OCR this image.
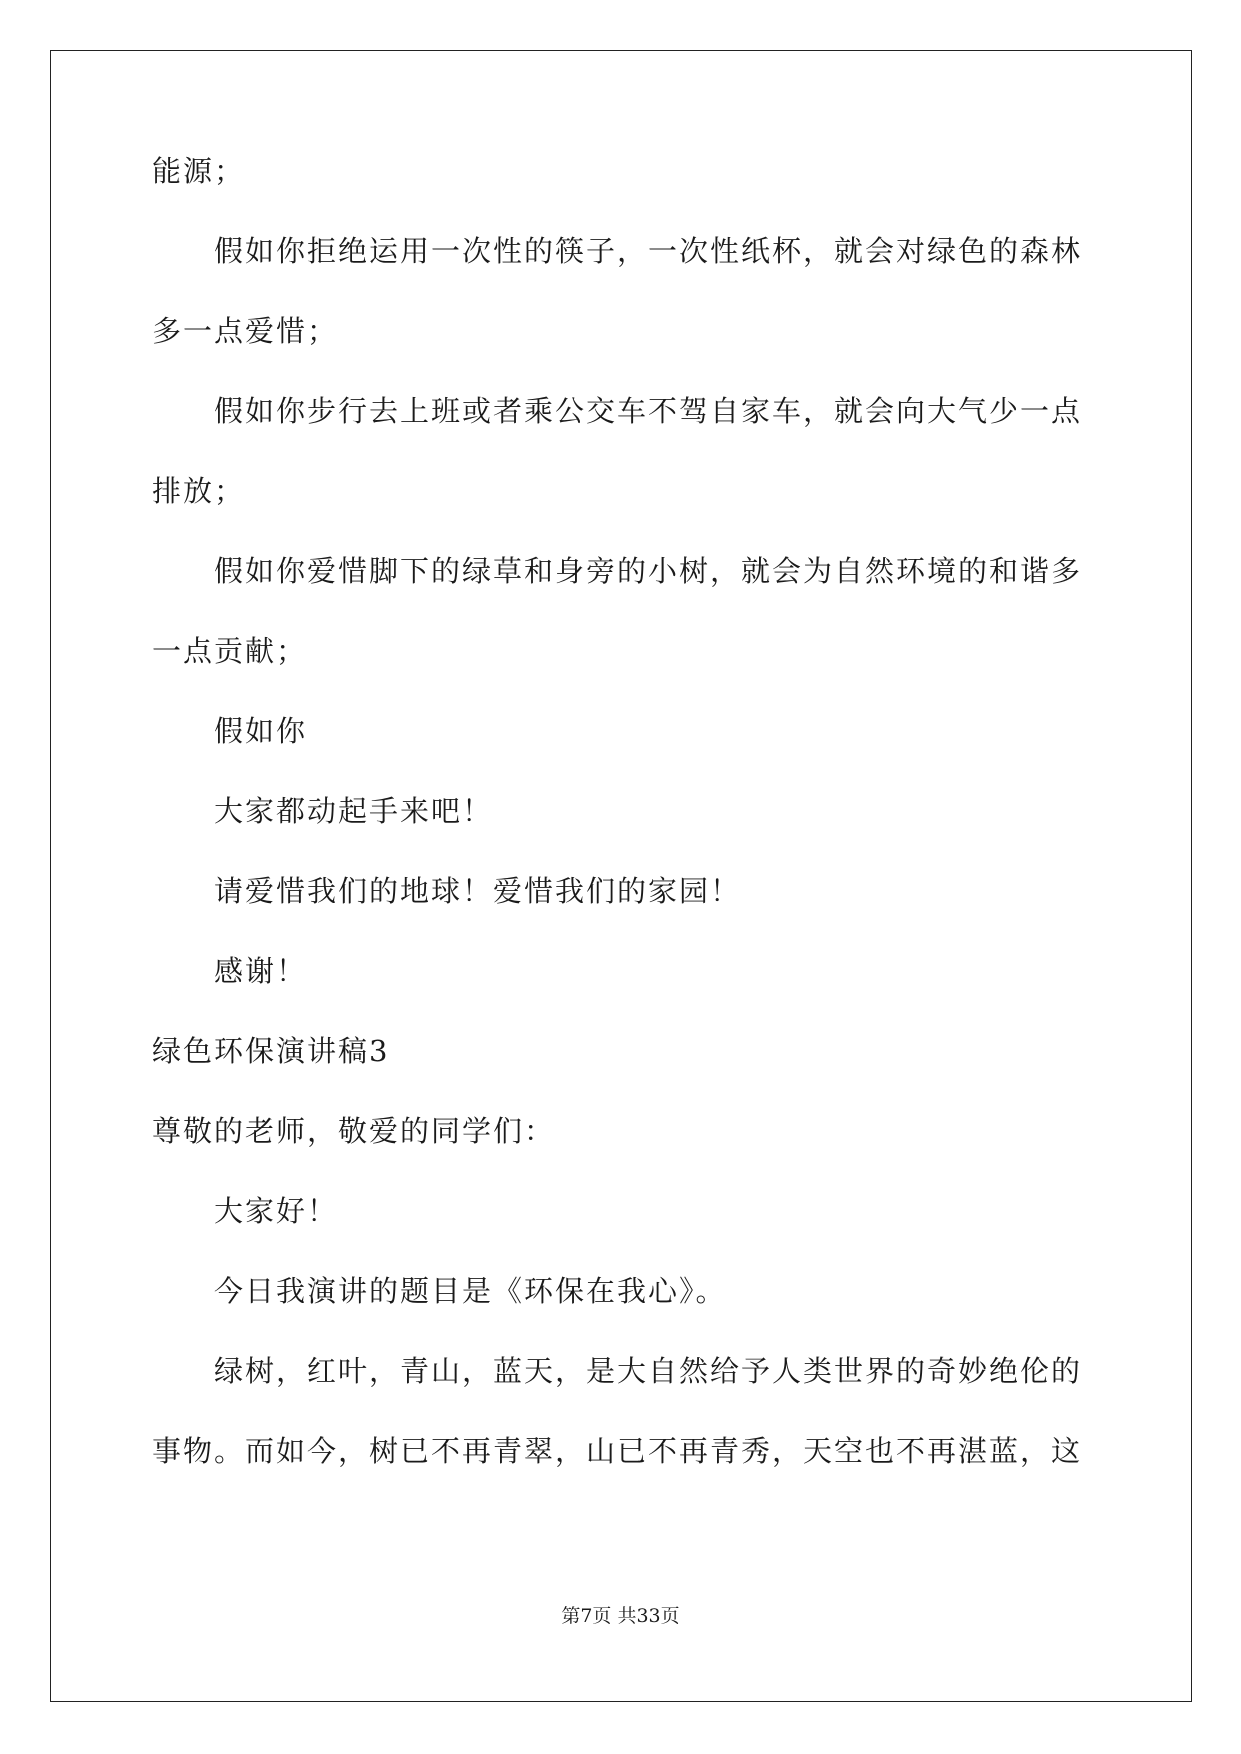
能源；
假如你拒绝运用一次性的筷子，一次性纸杯，就会对绿色的森林
多一点爱惜；
假如你步行去上班或者乘公交车不驾自家车，就会向大气少一点
排放；
假如你爱惜脚下的绿草和身旁的小树，就会为自然环境的和谐多
一点贡献；
假如你
大家都动起手来吧！
请爱惜我们的地球！爱惜我们的家园！
感谢！
绿色环保演讲稿3
尊敬的老师，敬爱的同学们：
大家好！
今日我演讲的题目是《环保在我心》。
绿树，红叶，青山，蓝天，是大自然给予人类世界的奇妙绝伦的
事物。而如今，树已不再青翠，山已不再青秀，天空也不再湛蓝，这
第7页 共33页
